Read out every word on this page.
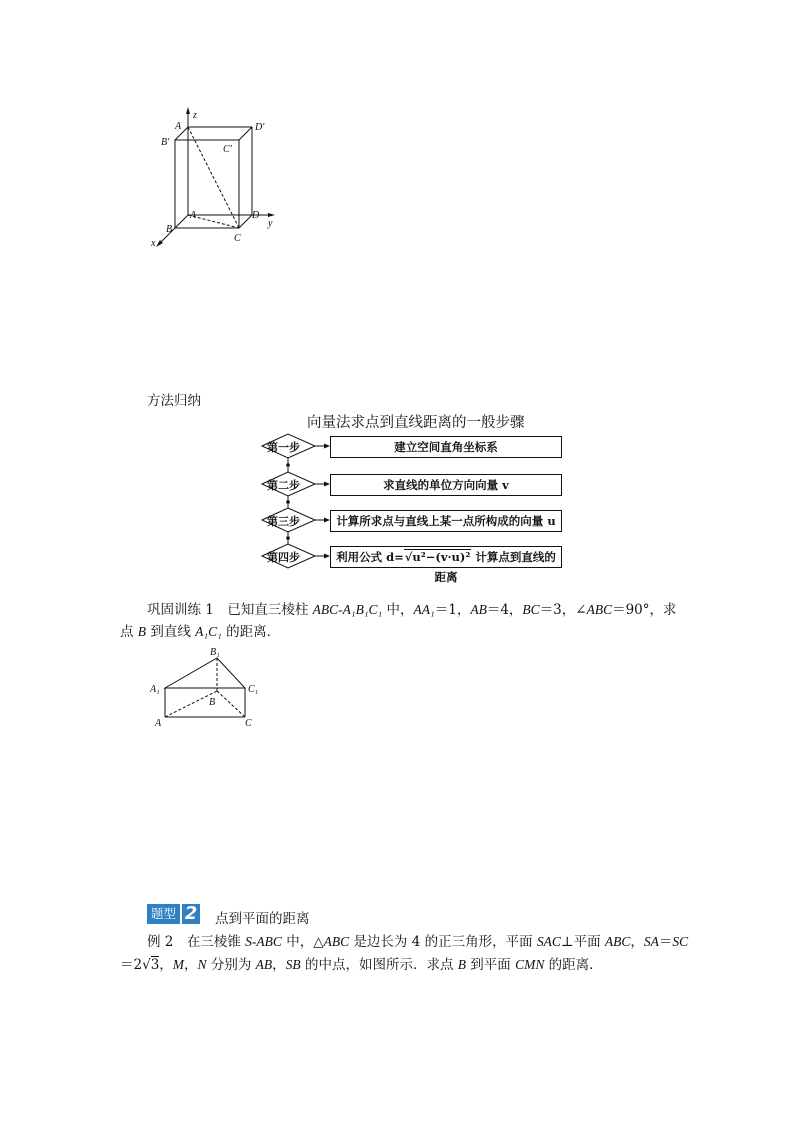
A
z
D′
B′
C′
A	D
y
B
C
x
方法归纳
向量法求点到直线距离的一般步骤
第一步
第二步
第三步
第四步
建立空间直角坐标系
求直线的单位方向向量 v
计算所求点与直线上某一点所构成的向量 u
利用公式 d=√u²−(v·u)² 计算点到直线的距离
巩固训练 1　已知直三棱柱 ABC-A₁B₁C₁ 中，AA₁＝1，AB＝4，BC＝3，∠ABC＝90°，求
点 B 到直线 A₁C₁ 的距离．
B₁
A₁	C₁
B
A	C
题型 2 点到平面的距离
例 2　在三棱锥 S-ABC 中，△ABC 是边长为 4 的正三角形，平面 SAC⊥平面 ABC，SA＝SC
＝2√3，M，N 分别为 AB，SB 的中点，如图所示．求点 B 到平面 CMN 的距离．
